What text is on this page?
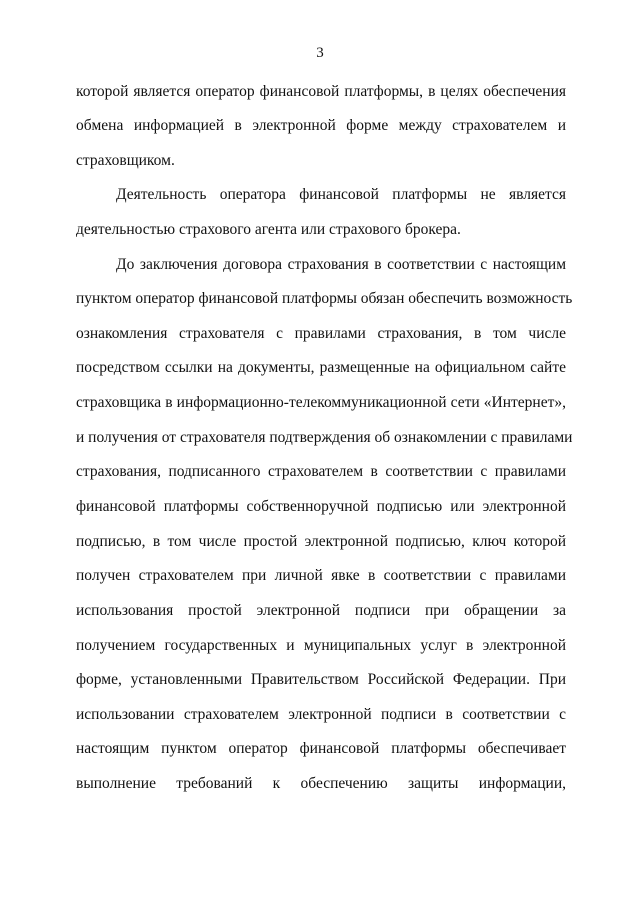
3
которой является оператор финансовой платформы, в целях обеспечения
обмена информацией в электронной форме между страхователем и
страховщиком.
Деятельность оператора финансовой платформы не является
деятельностью страхового агента или страхового брокера.
До заключения договора страхования в соответствии с настоящим
пунктом оператор финансовой платформы обязан обеспечить возможность
ознакомления страхователя с правилами страхования, в том числе
посредством ссылки на документы, размещенные на официальном сайте
страховщика в информационно-телекоммуникационной сети «Интернет»,
и получения от страхователя подтверждения об ознакомлении с правилами
страхования, подписанного страхователем в соответствии с правилами
финансовой платформы собственноручной подписью или электронной
подписью, в том числе простой электронной подписью, ключ которой
получен страхователем при личной явке в соответствии с правилами
использования простой электронной подписи при обращении за
получением государственных и муниципальных услуг в электронной
форме, установленными Правительством Российской Федерации. При
использовании страхователем электронной подписи в соответствии с
настоящим пунктом оператор финансовой платформы обеспечивает
выполнение требований к обеспечению защиты информации,
